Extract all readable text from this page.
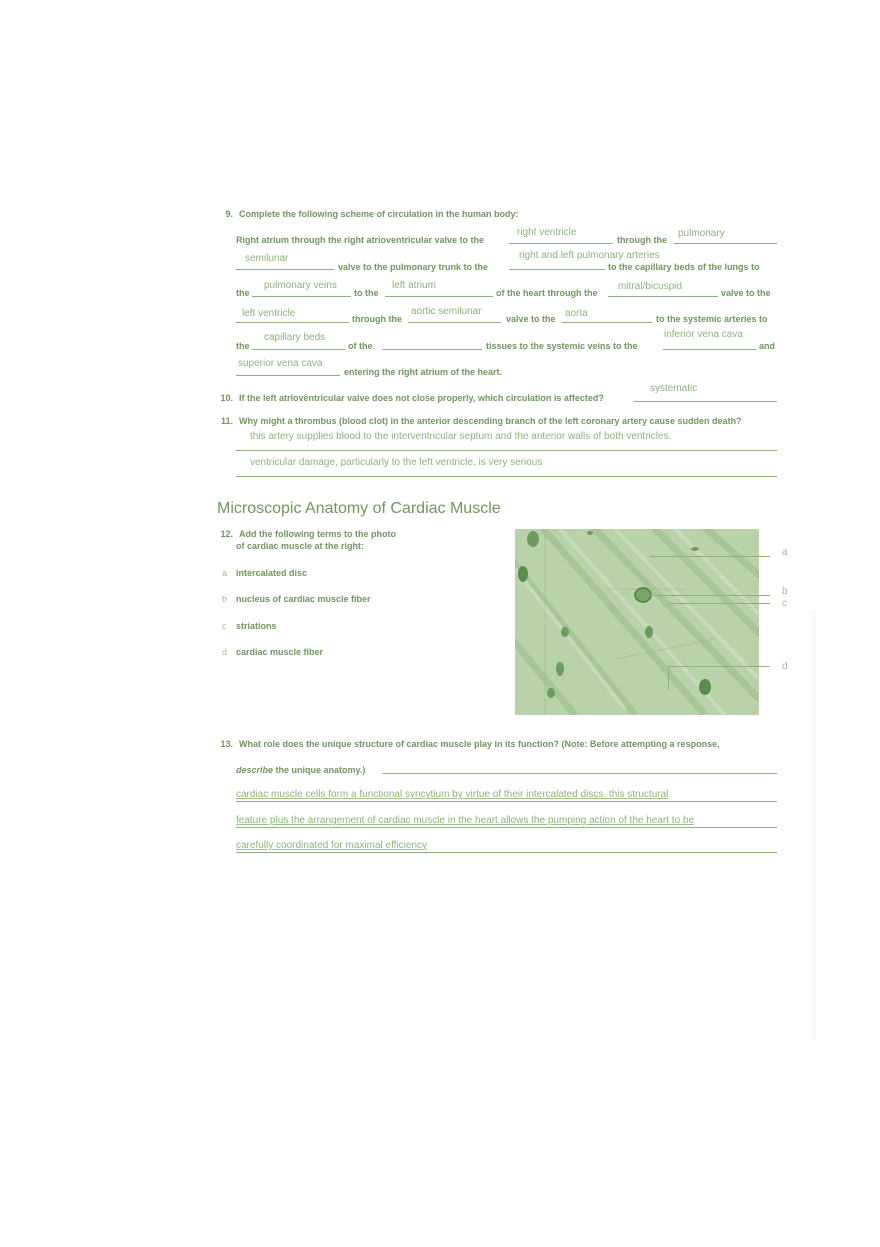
9. Complete the following scheme of circulation in the human body:
Right atrium through the right atrioventricular valve to the
right ventricle
through the
pulmonary
semilunar
valve to the pulmonary trunk to the
right and left pulmonary arteries
to the capillary beds of the lungs to
the
pulmonary veins
to the
left atrium
of the heart through the
mitral/bicuspid
valve to the
left ventricle	through the
aortic semilunar
valve to the aorta	to the systemic arteries to
the
capillary beds
of the	tissues to the systemic veins to the
inferior vena cava
and
superior vena cava
entering the right atrium of the heart.
10. If the left atrioventricular valve does not close properly, which circulation is affected?
systematic
11. Why might a thrombus (blood clot) in the anterior descending branch of the left coronary artery cause sudden death?
this artery supplies blood to the interventricular septum and the anterior walls of both ventricles.
ventricular damage, particularly to the left ventricle, is very serious
Microscopic Anatomy of Cardiac Muscle
12. Add the following terms to the photo
of cardiac muscle at the right:
a intercalated disc
b nucleus of cardiac muscle fiber
c striations
d cardiac muscle fiber
a
b
c
d
13. What role does the unique structure of cardiac muscle play in its function? (Note: Before attempting a response,
describe the unique anatomy.)
cardiac muscle cells form a functional syncytium by virtue of their intercalated discs. this structural
feature plus the arrangement of cardiac muscle in the heart allows the pumping action of the heart to be
carefully coordinated for maximal efficiency
